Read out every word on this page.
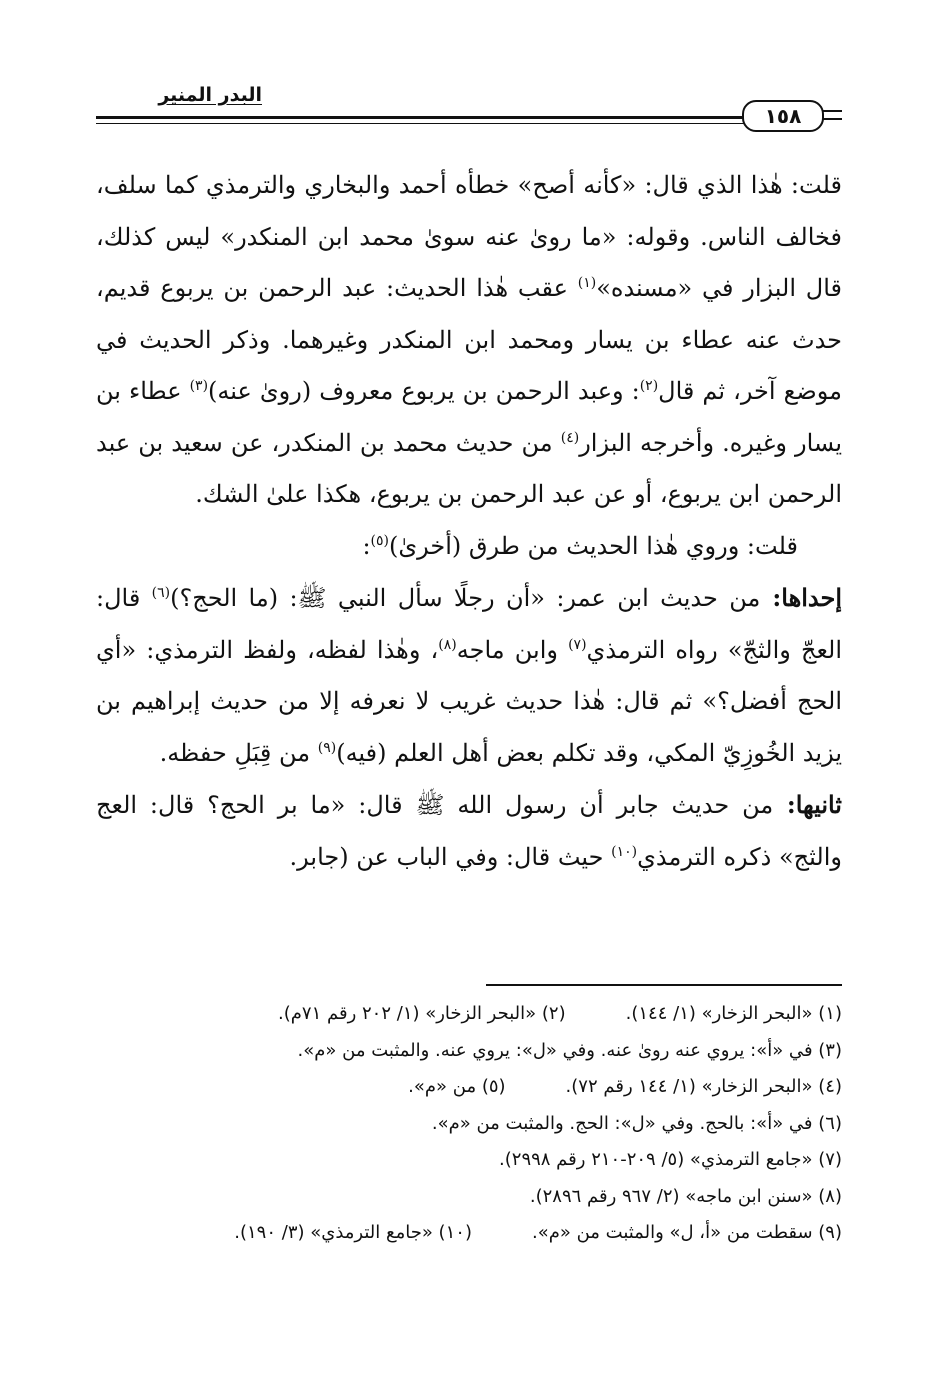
البدر المنير
١٥٨

قلت: هٰذا الذي قال: «كأنه أصح» خطأه أحمد والبخاري والترمذي كما سلف، فخالف الناس. وقوله: «ما روىٰ عنه سوىٰ محمد ابن المنكدر» ليس كذلك، قال البزار في «مسنده»$^{(١)}$ عقب هٰذا الحديث: عبد الرحمن بن يربوع قديم، حدث عنه عطاء بن يسار ومحمد ابن المنكدر وغيرهما. وذكر الحديث في موضع آخر، ثم قال$^{(٢)}$: وعبد الرحمن بن يربوع معروف (روىٰ عنه)$^{(٣)}$ عطاء بن يسار وغيره. وأخرجه البزار$^{(٤)}$ من حديث محمد بن المنكدر، عن سعيد بن عبد الرحمن ابن يربوع، أو عن عبد الرحمن بن يربوع، هكذا علىٰ الشك.

قلت: وروي هٰذا الحديث من طرق (أخرىٰ)$^{(٥)}$:

إحداها: من حديث ابن عمر: «أن رجلًا سأل النبي ﷺ: (ما الحج؟)$^{(٦)}$ قال: العجّ والثجّ» رواه الترمذي$^{(٧)}$ وابن ماجه$^{(٨)}$، وهٰذا لفظه، ولفظ الترمذي: «أي الحج أفضل؟» ثم قال: هٰذا حديث غريب لا نعرفه إلا من حديث إبراهيم بن يزيد الخُوزِيّ المكي، وقد تكلم بعض أهل العلم (فيه)$^{(٩)}$ من قِبَلِ حفظه.

ثانيها: من حديث جابر أن رسول الله ﷺ قال: «ما بر الحج؟ قال: العج والثج» ذكره الترمذي$^{(١٠)}$ حيث قال: وفي الباب عن (جابر.

(١) «البحر الزخار» (١/ ١٤٤).(٢) «البحر الزخار» (١/ ٢٠٢ رقم ٧١م).
(٣) في «أ»: يروي عنه روىٰ عنه. وفي «ل»: يروي عنه. والمثبت من «م».
(٤) «البحر الزخار» (١/ ١٤٤ رقم ٧٢).(٥) من «م».
(٦) في «أ»: بالحج. وفي «ل»: الحج. والمثبت من «م».
(٧) «جامع الترمذي» (٥/ ٢٠٩-٢١٠ رقم ٢٩٩٨).
(٨) «سنن ابن ماجه» (٢/ ٩٦٧ رقم ٢٨٩٦).
(٩) سقطت من «أ، ل» والمثبت من «م».(١٠) «جامع الترمذي» (٣/ ١٩٠).
